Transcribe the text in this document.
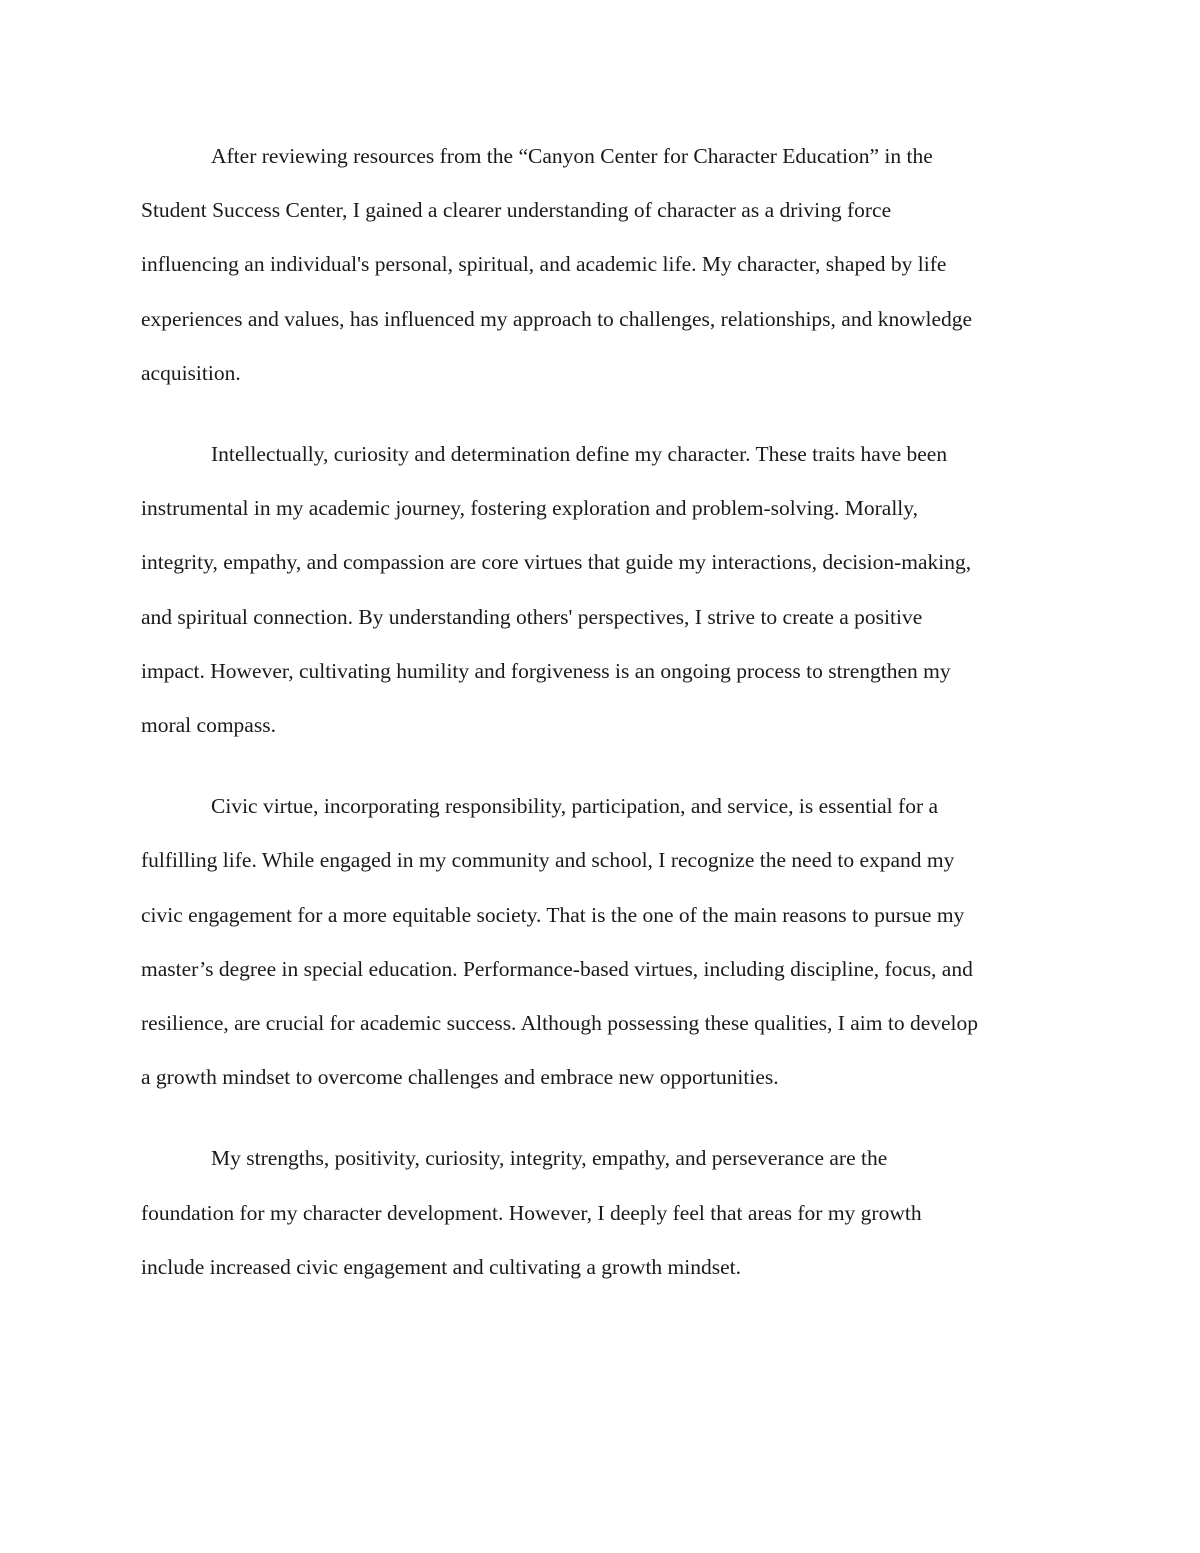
After reviewing resources from the “Canyon Center for Character Education” in the
Student Success Center, I gained a clearer understanding of character as a driving force
influencing an individual's personal, spiritual, and academic life. My character, shaped by life
experiences and values, has influenced my approach to challenges, relationships, and knowledge
acquisition.

Intellectually, curiosity and determination define my character. These traits have been
instrumental in my academic journey, fostering exploration and problem-solving. Morally,
integrity, empathy, and compassion are core virtues that guide my interactions, decision-making,
and spiritual connection. By understanding others' perspectives, I strive to create a positive
impact. However, cultivating humility and forgiveness is an ongoing process to strengthen my
moral compass.

Civic virtue, incorporating responsibility, participation, and service, is essential for a
fulfilling life. While engaged in my community and school, I recognize the need to expand my
civic engagement for a more equitable society. That is the one of the main reasons to pursue my
master’s degree in special education. Performance-based virtues, including discipline, focus, and
resilience, are crucial for academic success. Although possessing these qualities, I aim to develop
a growth mindset to overcome challenges and embrace new opportunities.

My strengths, positivity, curiosity, integrity, empathy, and perseverance are the
foundation for my character development. However, I deeply feel that areas for my growth
include increased civic engagement and cultivating a growth mindset.
